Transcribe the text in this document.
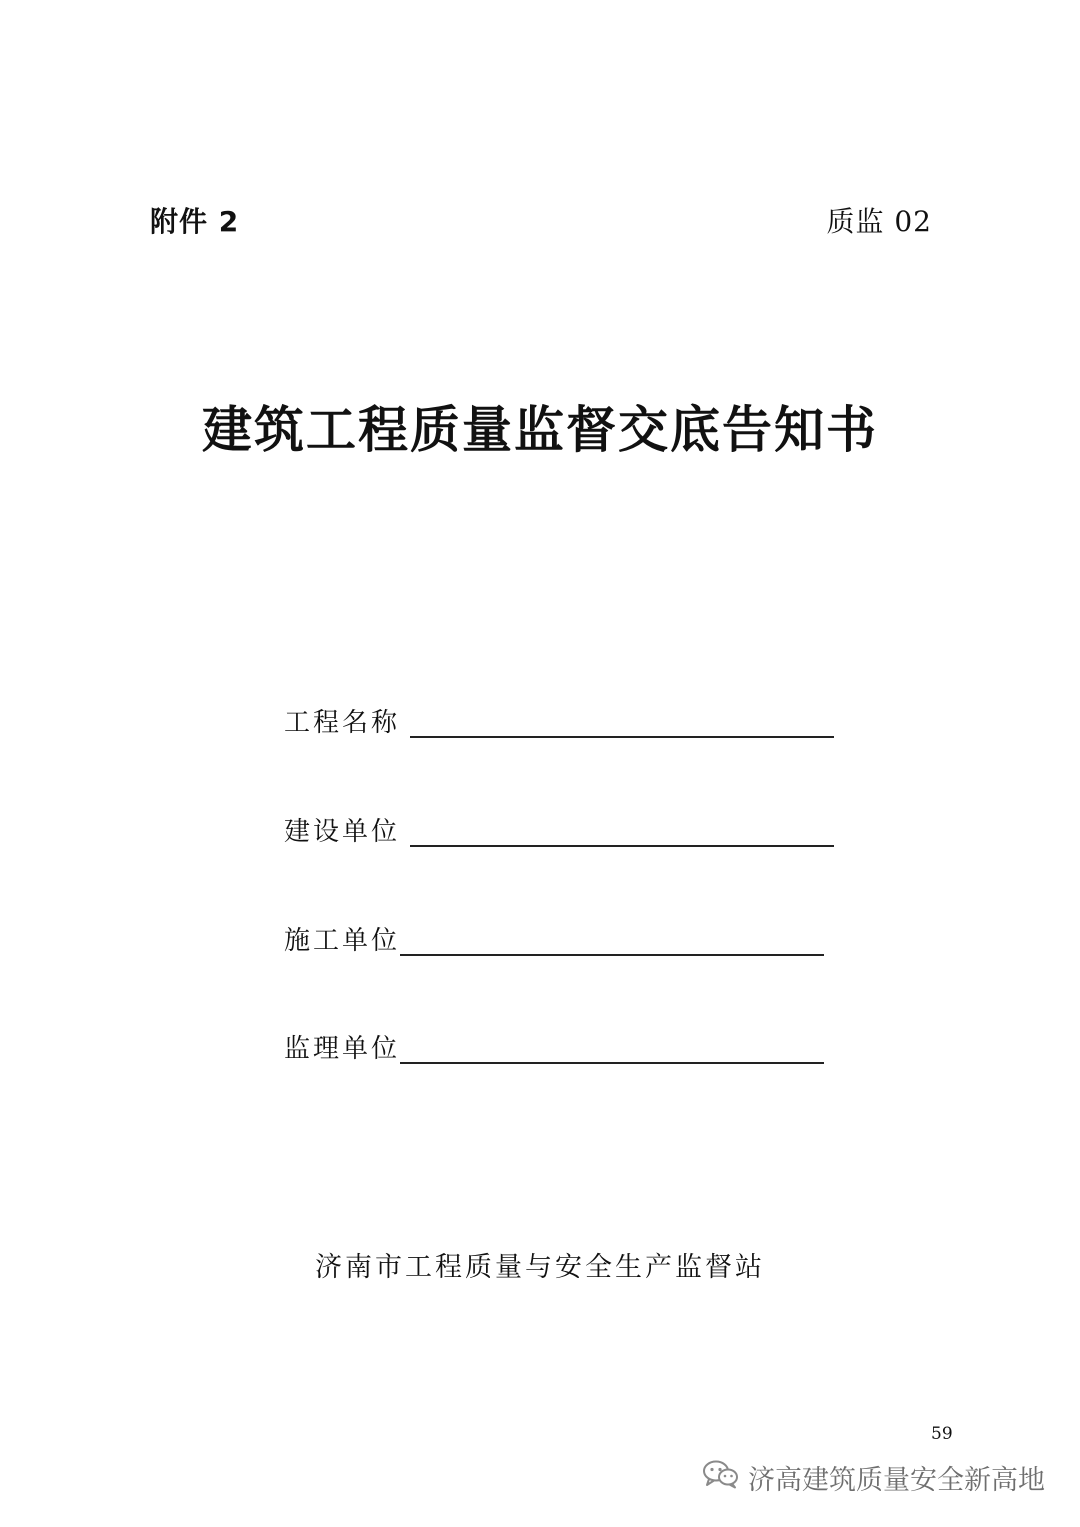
附件 2	质监 02
建筑工程质量监督交底告知书
工程名称
建设单位
施工单位
监理单位
济南市工程质量与安全生产监督站
59
济高建筑质量安全新高地
